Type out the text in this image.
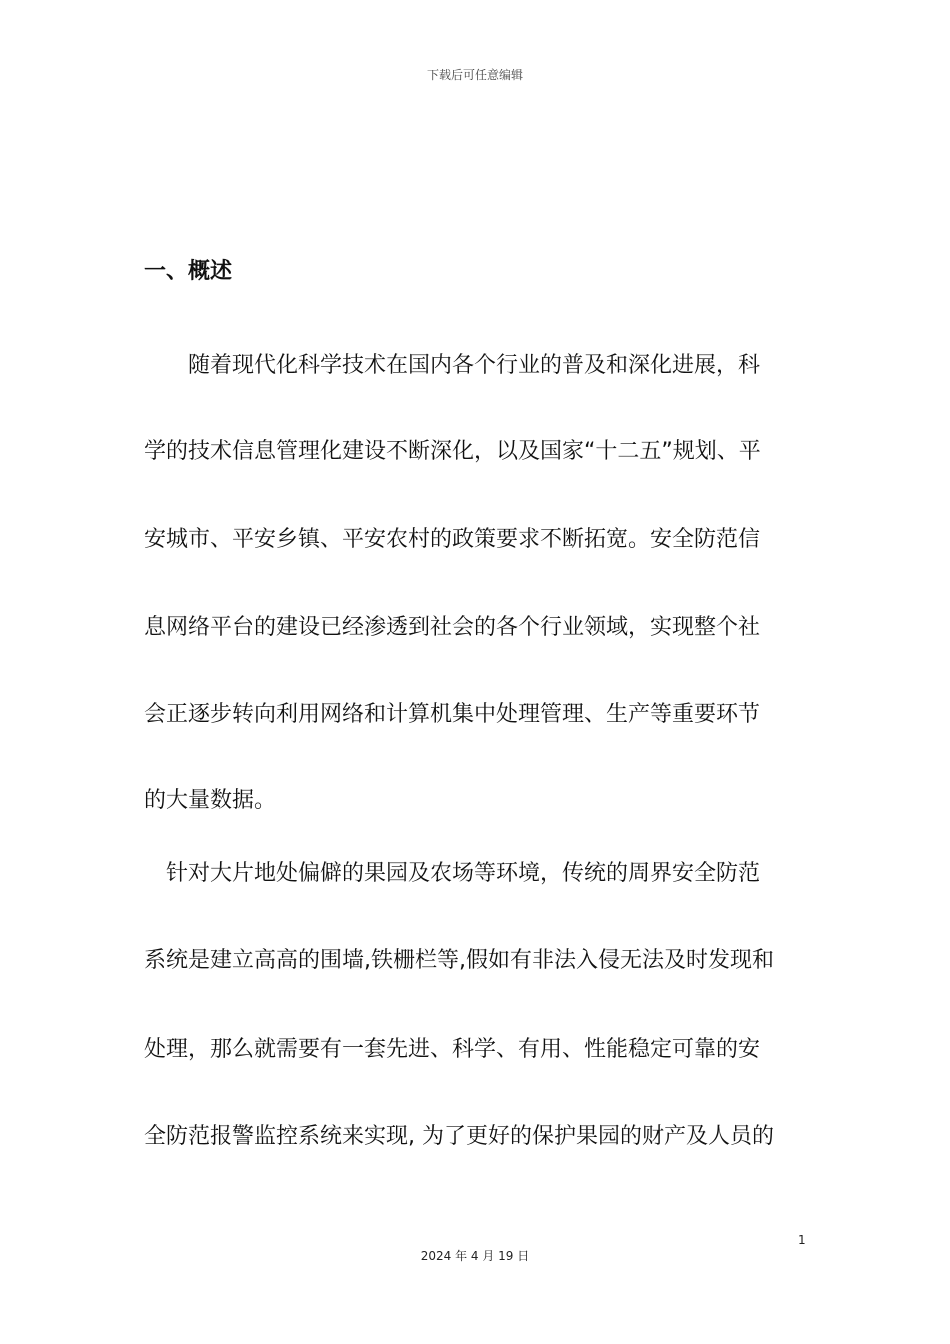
下载后可任意编辑
一、概述
　　随着现代化科学技术在国内各个行业的普及和深化进展，科
学的技术信息管理化建设不断深化，以及国家“十二五”规划、平
安城市、平安乡镇、平安农村的政策要求不断拓宽。安全防范信
息网络平台的建设已经渗透到社会的各个行业领域，实现整个社
会正逐步转向利用网络和计算机集中处理管理、生产等重要环节
的大量数据。
　针对大片地处偏僻的果园及农场等环境，传统的周界安全防范
系统是建立高高的围墙,铁栅栏等,假如有非法入侵无法及时发现和
处理，那么就需要有一套先进、科学、有用、性能稳定可靠的安
全防范报警监控系统来实现, 为了更好的保护果园的财产及人员的
1
2024 年 4 月 19 日
